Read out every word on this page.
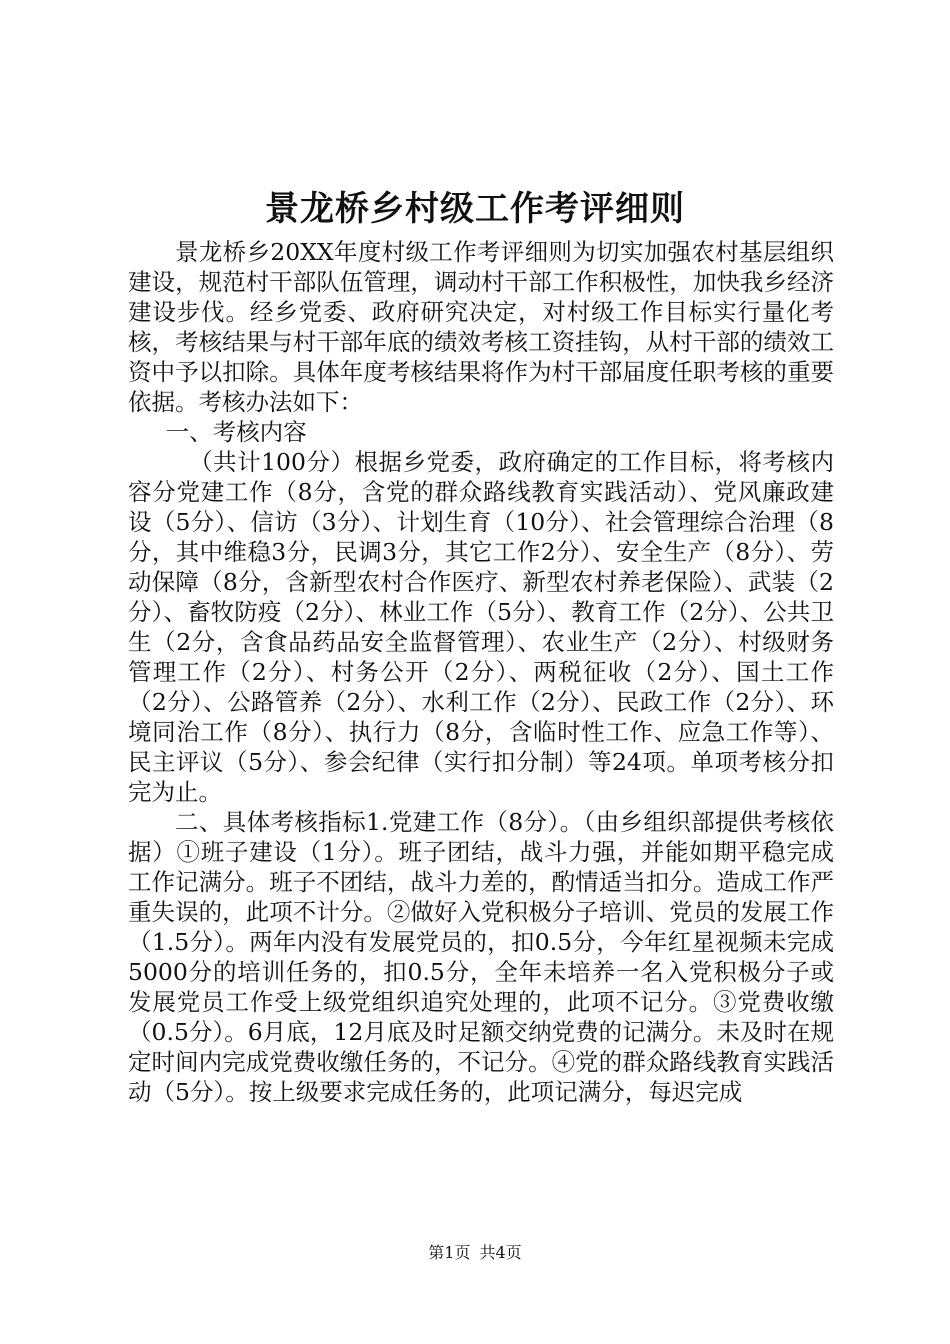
景龙桥乡村级工作考评细则

景龙桥乡20XX年度村级工作考评细则为切实加强农村基层组织建设，规范村干部队伍管理，调动村干部工作积极性，加快我乡经济建设步伐。经乡党委、政府研究决定，对村级工作目标实行量化考核，考核结果与村干部年底的绩效考核工资挂钩，从村干部的绩效工资中予以扣除。具体年度考核结果将作为村干部届度任职考核的重要依据。考核办法如下：

一、考核内容

（共计100分）根据乡党委，政府确定的工作目标，将考核内容分党建工作（8分，含党的群众路线教育实践活动）、党风廉政建设（5分）、信访（3分）、计划生育（10分）、社会管理综合治理（8分，其中维稳3分，民调3分，其它工作2分）、安全生产（8分）、劳动保障（8分，含新型农村合作医疗、新型农村养老保险）、武装（2分）、畜牧防疫（2分）、林业工作（5分）、教育工作（2分）、公共卫生（2分，含食品药品安全监督管理）、农业生产（2分）、村级财务管理工作（2分）、村务公开（2分）、两税征收（2分）、国土工作（2分）、公路管养（2分）、水利工作（2分）、民政工作（2分）、环境同治工作（8分）、执行力（8分，含临时性工作、应急工作等）、民主评议（5分）、参会纪律（实行扣分制）等24项。单项考核分扣完为止。

二、具体考核指标1.党建工作（8分）。（由乡组织部提供考核依据）①班子建设（1分）。班子团结，战斗力强，并能如期平稳完成工作记满分。班子不团结，战斗力差的，酌情适当扣分。造成工作严重失误的，此项不计分。②做好入党积极分子培训、党员的发展工作（1.5分）。两年内没有发展党员的，扣0.5分，今年红星视频未完成5000分的培训任务的，扣0.5分，全年未培养一名入党积极分子或发展党员工作受上级党组织追究处理的，此项不记分。③党费收缴（0.5分）。6月底，12月底及时足额交纳党费的记满分。未及时在规定时间内完成党费收缴任务的，不记分。④党的群众路线教育实践活动（5分）。按上级要求完成任务的，此项记满分，每迟完成

第1页 共4页
